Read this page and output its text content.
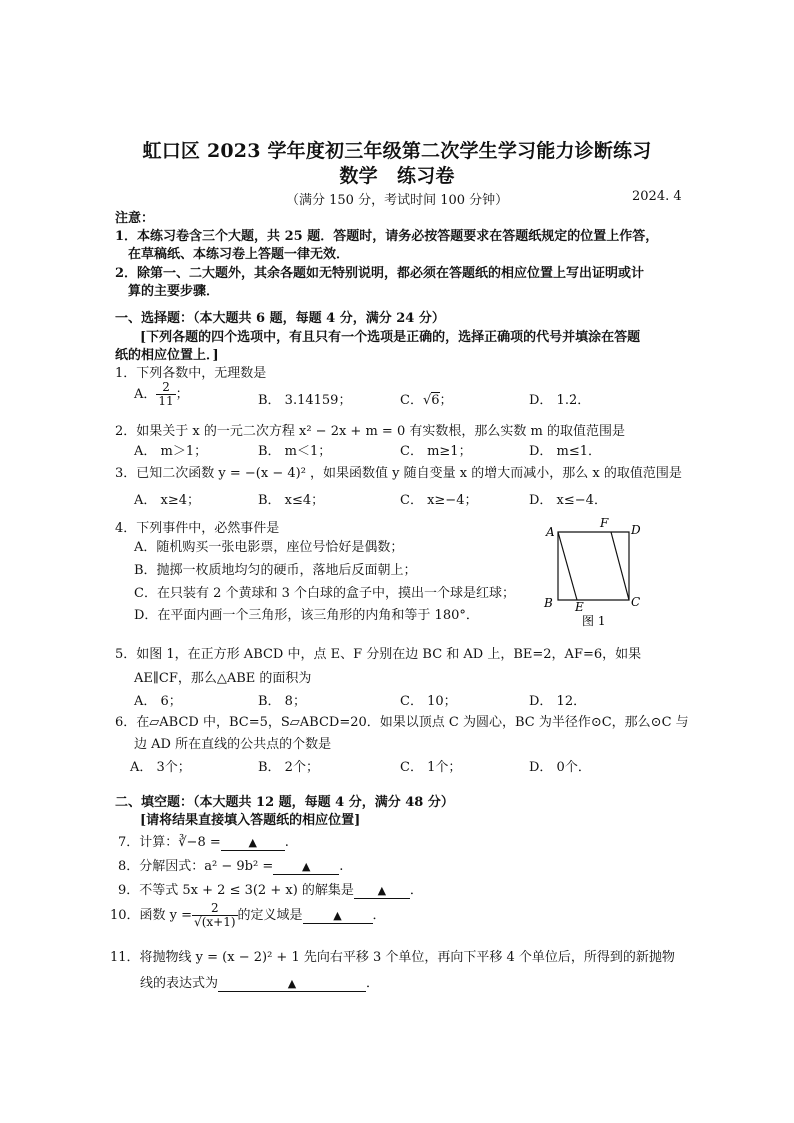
虹口区 2023 学年度初三年级第二次学生学习能力诊断练习
数学　练习卷
（满分 150 分，考试时间 100 分钟）	2024. 4
注意：
1．本练习卷含三个大题，共 25 题．答题时，请务必按答题要求在答题纸规定的位置上作答，
　在草稿纸、本练习卷上答题一律无效．
2．除第一、二大题外，其余各题如无特别说明，都必须在答题纸的相应位置上写出证明或计
　算的主要步骤．
一、选择题：（本大题共 6 题，每题 4 分，满分 24 分）
[下列各题的四个选项中，有且只有一个选项是正确的，选择正确项的代号并填涂在答题
纸的相应位置上．]
1．下列各数中，无理数是
A． $\frac{2}{11}$ ；	B． 3.14159；	C．√6；	D． 1.2̇．
2．如果关于 x 的一元二次方程 x² − 2x + m = 0 有实数根，那么实数 m 的取值范围是
A． m＞1；	B． m＜1；	C． m≥1；	D． m≤1．
3．已知二次函数 y = −(x − 4)² ，如果函数值 y 随自变量 x 的增大而减小，那么 x 的取值范围是
A． x≥4；	B． x≤4；	C． x≥−4；	D． x≤−4．
4．下列事件中，必然事件是
A．随机购买一张电影票，座位号恰好是偶数；
B．抛掷一枚质地均匀的硬币，落地后反面朝上；
C．在只装有 2 个黄球和 3 个白球的盒子中，摸出一个球是红球；
D．在平面内画一个三角形，该三角形的内角和等于 180°．
A
B	C
D
E
F
图 1
5．如图 1，在正方形 ABCD 中，点 E、F 分别在边 BC 和 AD 上，BE=2，AF=6，如果
AE∥CF，那么△ABE 的面积为
A． 6；	B． 8；	C． 10；	D． 12．
6．在▱ABCD 中，BC=5，S▱ABCD=20．如果以顶点 C 为圆心，BC 为半径作⊙C，那么⊙C 与
边 AD 所在直线的公共点的个数是
A． 3个；	B． 2个；	C． 1个；	D． 0个．
二、填空题：（本大题共 12 题，每题 4 分，满分 48 分）
[请将结果直接填入答题纸的相应位置]
7．计算：∛−8 =	▲ .
8．分解因式：a² − 9b² =	▲ .
9．不等式 5x + 2 ≤ 3(2 + x) 的解集是 ▲ ．
10．函数 $y = \frac{2}{√(x+1)}$ 的定义域是	▲ ．
11．将抛物线 y = (x − 2)² + 1 先向右平移 3 个单位，再向下平移 4 个单位后，所得到的新抛物
线的表达式为	▲	．
